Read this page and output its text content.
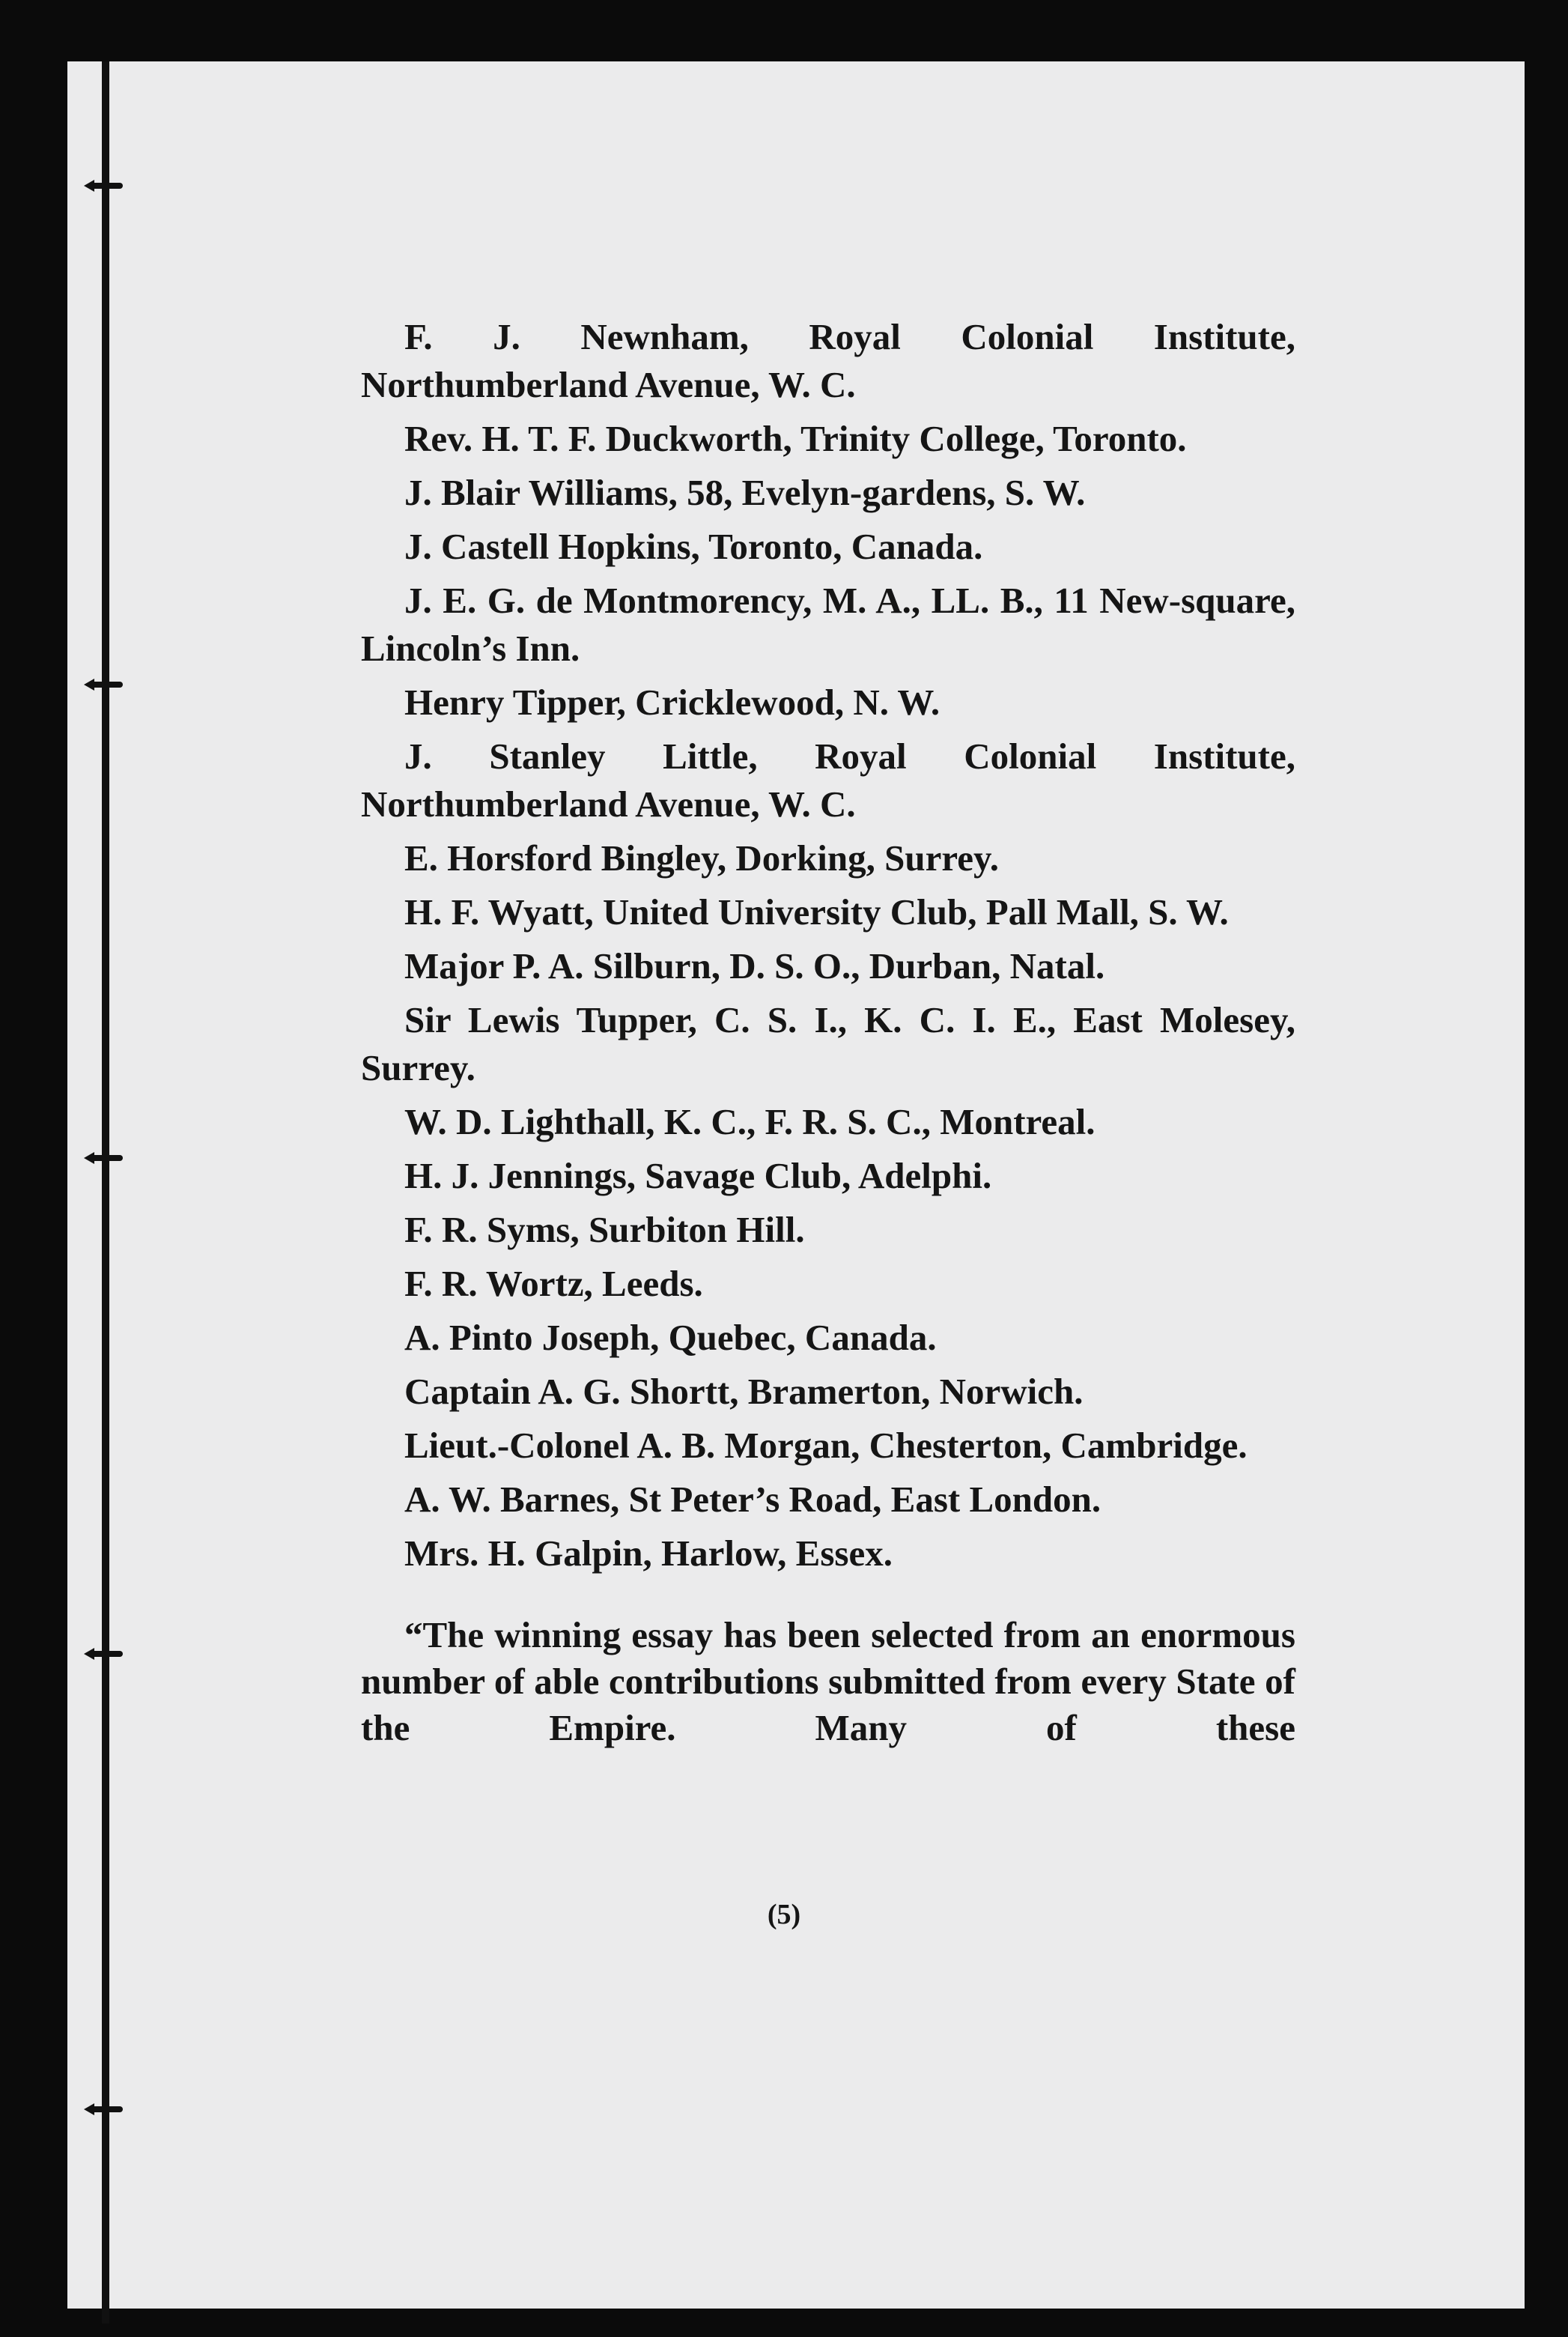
F. J. Newnham, Royal Colonial Institute, Northumberland Avenue, W. C.
Rev. H. T. F. Duckworth, Trinity College, Toronto.
J. Blair Williams, 58, Evelyn-gardens, S. W.
J. Castell Hopkins, Toronto, Canada.
J. E. G. de Montmorency, M. A., LL. B., 11 New-square, Lincoln’s Inn.
Henry Tipper, Cricklewood, N. W.
J. Stanley Little, Royal Colonial Institute, Northumberland Avenue, W. C.
E. Horsford Bingley, Dorking, Surrey.
H. F. Wyatt, United University Club, Pall Mall, S. W.
Major P. A. Silburn, D. S. O., Durban, Natal.
Sir Lewis Tupper, C. S. I., K. C. I. E., East Molesey, Surrey.
W. D. Lighthall, K. C., F. R. S. C., Montreal.
H. J. Jennings, Savage Club, Adelphi.
F. R. Syms, Surbiton Hill.
F. R. Wortz, Leeds.
A. Pinto Joseph, Quebec, Canada.
Captain A. G. Shortt, Bramerton, Norwich.
Lieut.-Colonel A. B. Morgan, Chesterton, Cambridge.
A. W. Barnes, St Peter’s Road, East London.
Mrs. H. Galpin, Harlow, Essex.
“The winning essay has been selected from an enormous number of able contributions submitted from every State of the Empire. Many of these
(5)
